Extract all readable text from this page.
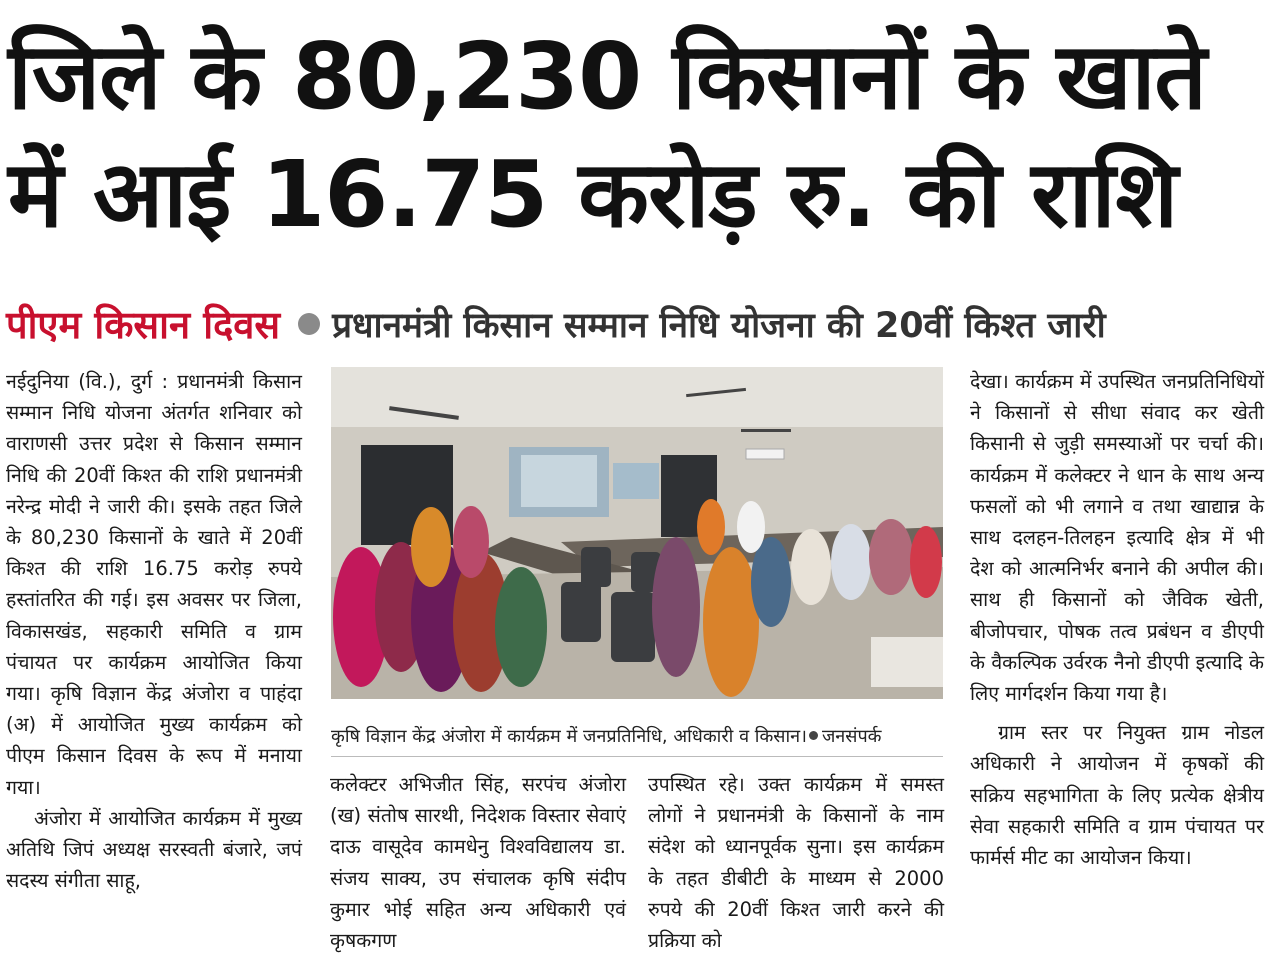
जिले के 80,230 किसानों के खाते
में आई 16.75 करोड़ रु. की राशि
पीएम किसान दिवस प्रधानमंत्री किसान सम्मान निधि योजना की 20वीं किश्त जारी

नईदुनिया (वि.), दुर्ग : प्रधानमंत्री किसान सम्मान निधि योजना अंतर्गत शनिवार को वाराणसी उत्तर प्रदेश से किसान सम्मान निधि की 20वीं किश्त की राशि प्रधानमंत्री नरेन्द्र मोदी ने जारी की। इसके तहत जिले के 80,230 किसानों के खाते में 20वीं किश्त की राशि 16.75 करोड़ रुपये हस्तांतरित की गई। इस अवसर पर जिला, विकासखंड, सहकारी समिति व ग्राम पंचायत पर कार्यक्रम आयोजित किया गया। कृषि विज्ञान केंद्र अंजोरा व पाहंदा (अ) में आयोजित मुख्य कार्यक्रम को पीएम किसान दिवस के रूप में मनाया गया।

अंजोरा में आयोजित कार्यक्रम में मुख्य अतिथि जिपं अध्यक्ष सरस्वती बंजारे, जपं सदस्य संगीता साहू,

कृषि विज्ञान केंद्र अंजोरा में कार्यक्रम में जनप्रतिनिधि, अधिकारी व किसान। जनसंपर्क

कलेक्टर अभिजीत सिंह, सरपंच अंजोरा (ख) संतोष सारथी, निदेशक विस्तार सेवाएं दाऊ वासूदेव कामधेनु विश्वविद्यालय डा. संजय साक्य, उप संचालक कृषि संदीप कुमार भोई सहित अन्य अधिकारी एवं कृषकगण

उपस्थित रहे। उक्त कार्यक्रम में समस्त लोगों ने प्रधानमंत्री के किसानों के नाम संदेश को ध्यानपूर्वक सुना। इस कार्यक्रम के तहत डीबीटी के माध्यम से 2000 रुपये की 20वीं किश्त जारी करने की प्रक्रिया को

देखा। कार्यक्रम में उपस्थित जनप्रतिनिधियों ने किसानों से सीधा संवाद कर खेती किसानी से जुड़ी समस्याओं पर चर्चा की। कार्यक्रम में कलेक्टर ने धान के साथ अन्य फसलों को भी लगाने व तथा खाद्यान्न के साथ दलहन-तिलहन इत्यादि क्षेत्र में भी देश को आत्मनिर्भर बनाने की अपील की। साथ ही किसानों को जैविक खेती, बीजोपचार, पोषक तत्व प्रबंधन व डीएपी के वैकल्पिक उर्वरक नैनो डीएपी इत्यादि के लिए मार्गदर्शन किया गया है।

ग्राम स्तर पर नियुक्त ग्राम नोडल अधिकारी ने आयोजन में कृषकों की सक्रिय सहभागिता के लिए प्रत्येक क्षेत्रीय सेवा सहकारी समिति व ग्राम पंचायत पर फार्मर्स मीट का आयोजन किया।
